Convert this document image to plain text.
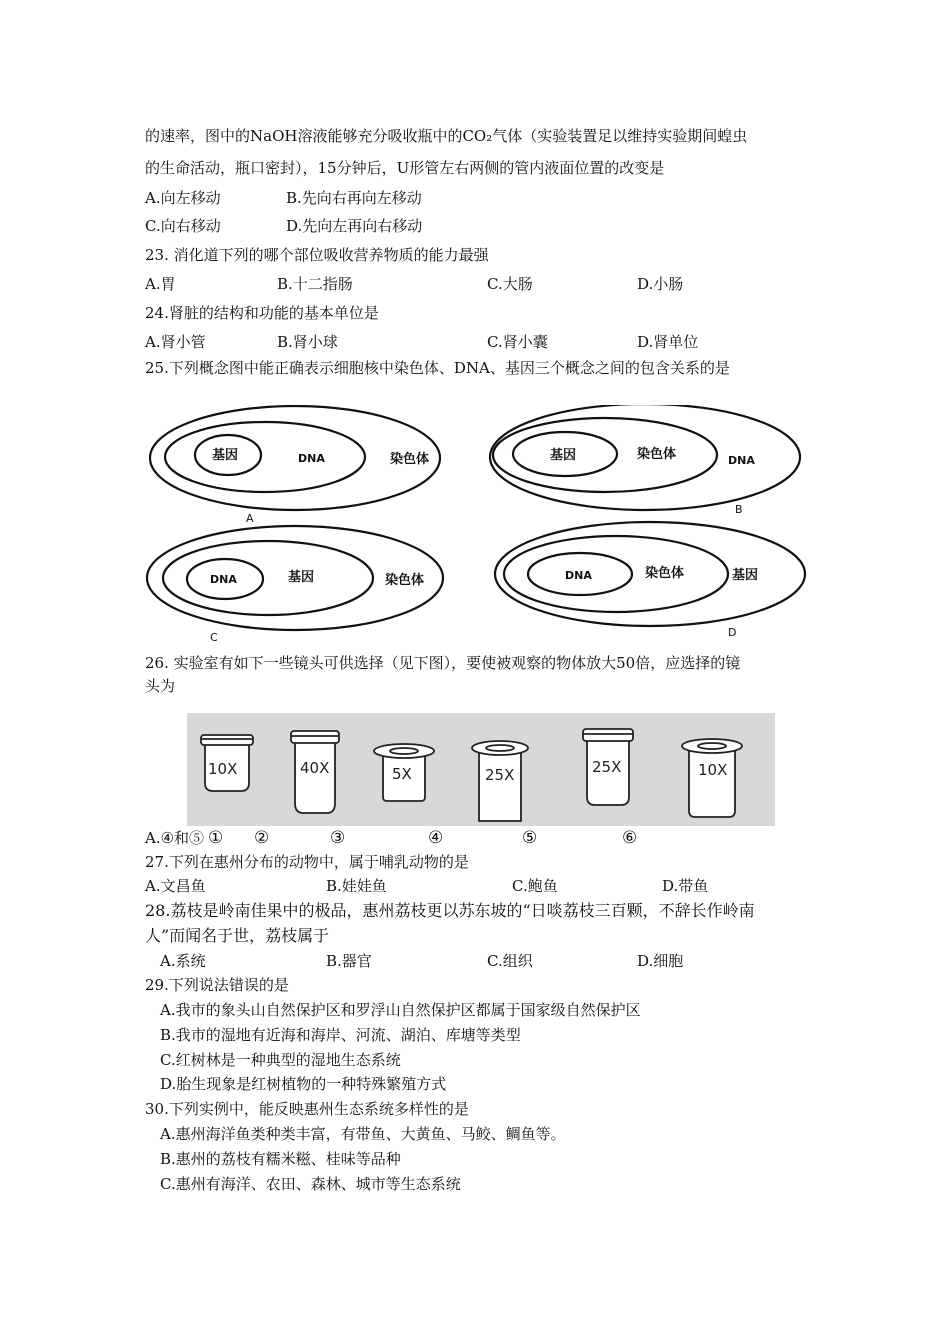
的速率，图中的NaOH溶液能够充分吸收瓶中的CO₂气体（实验装置足以维持实验期间蝗虫
的生命活动，瓶口密封），15分钟后，U形管左右两侧的管内液面位置的改变是
A.向左移动	B.先向右再向左移动
C.向右移动	D.先向左再向右移动
23. 消化道下列的哪个部位吸收营养物质的能力最强
A.胃	B.十二指肠	C.大肠	D.小肠
24.肾脏的结构和功能的基本单位是
A.肾小管	B.肾小球	C.肾小囊	D.肾单位
25.下列概念图中能正确表示细胞核中染色体、DNA、基因三个概念之间的包含关系的是
基因	DNA	染色体
A
基因	染色体	DNA
B
DNA	基因	染色体
C
DNA	染色体	基因
D
26. 实验室有如下一些镜头可供选择（见下图），要使被观察的物体放大50倍，应选择的镜
头为
10X	40X	5X	25X	25X	10X
A.④和⑤ ① ②	③	④	⑤	⑥
27.下列在惠州分布的动物中，属于哺乳动物的是
A.文昌鱼	B.娃娃鱼	C.鲍鱼	D.带鱼
28.荔枝是岭南佳果中的极品，惠州荔枝更以苏东坡的“日啖荔枝三百颗，不辞长作岭南
人”而闻名于世，荔枝属于
A.系统	B.器官	C.组织	D.细胞
29.下列说法错误的是
A.我市的象头山自然保护区和罗浮山自然保护区都属于国家级自然保护区
B.我市的湿地有近海和海岸、河流、湖泊、库塘等类型
C.红树林是一种典型的湿地生态系统
D.胎生现象是红树植物的一种特殊繁殖方式
30.下列实例中，能反映惠州生态系统多样性的是
A.惠州海洋鱼类种类丰富，有带鱼、大黄鱼、马鲛、鲷鱼等。
B.惠州的荔枝有糯米糍、桂味等品种
C.惠州有海洋、农田、森林、城市等生态系统
